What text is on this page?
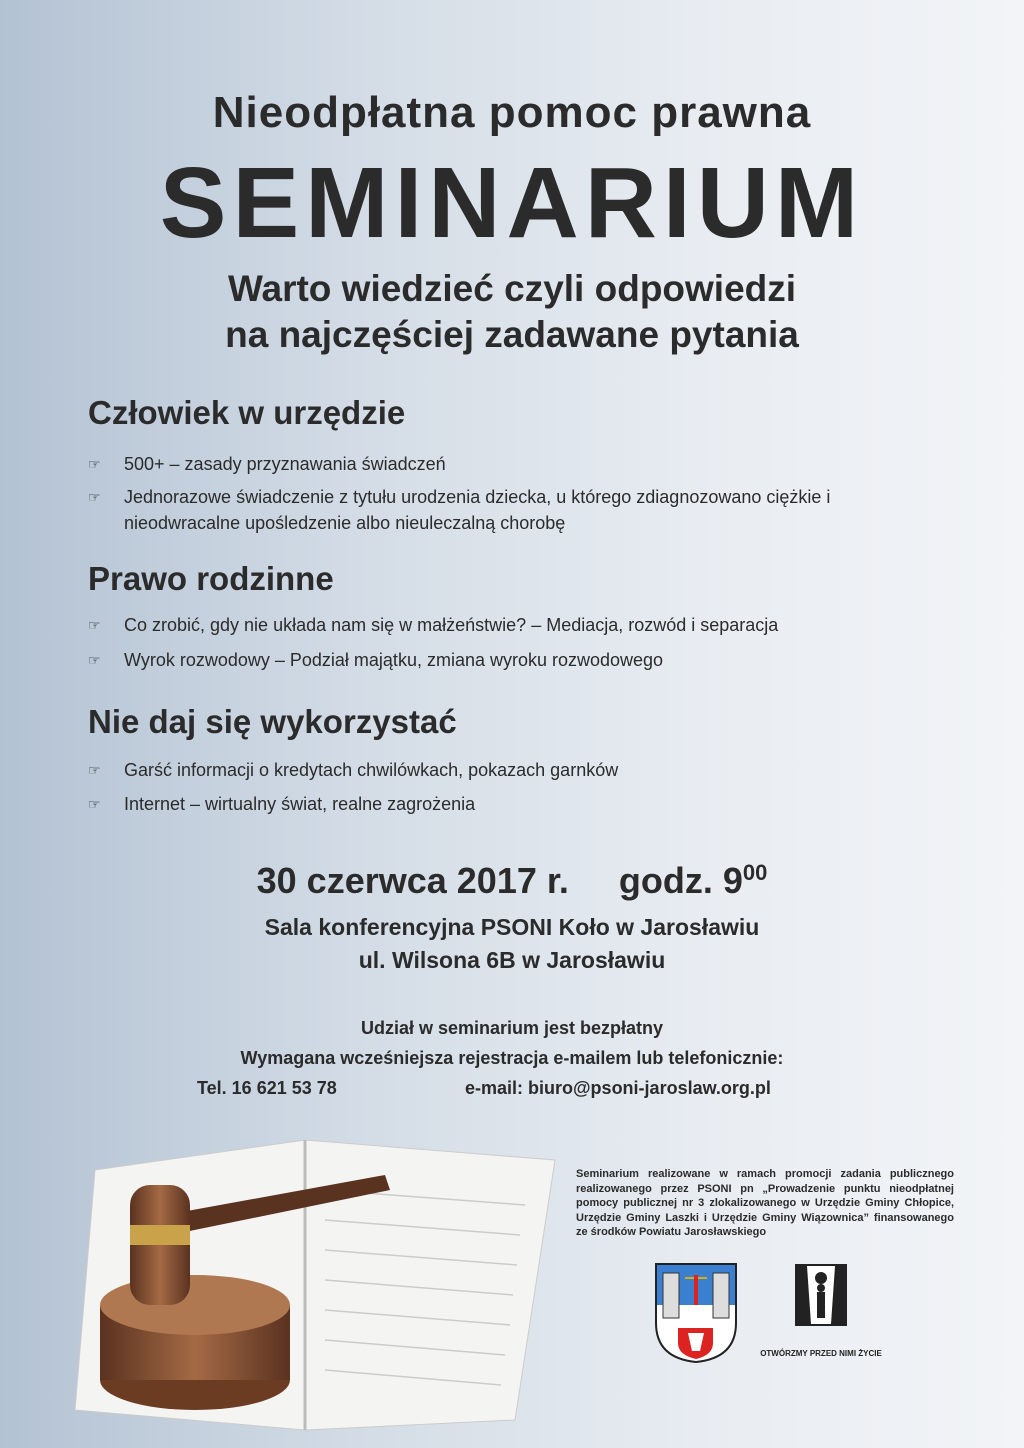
Nieodpłatna pomoc prawna
SEMINARIUM
Warto wiedzieć czyli odpowiedzi
na najczęściej zadawane pytania
Człowiek w urzędzie
☞ 500+ – zasady przyznawania świadczeń
☞ Jednorazowe świadczenie z tytułu urodzenia dziecka, u którego zdiagnozowano ciężkie i nieodwracalne upośledzenie albo nieuleczalną chorobę
Prawo rodzinne
☞ Co zrobić, gdy nie układa nam się w małżeństwie? – Mediacja, rozwód i separacja
☞ Wyrok rozwodowy – Podział majątku, zmiana wyroku rozwodowego
Nie daj się wykorzystać
☞ Garść informacji o kredytach chwilówkach, pokazach garnków
☞ Internet – wirtualny świat, realne zagrożenia
30 czerwca 2017 r. godz. $9^{00}$
Sala konferencyjna PSONI Koło w Jarosławiu
ul. Wilsona 6B w Jarosławiu
Udział w seminarium jest bezpłatny
Wymagana wcześniejsza rejestracja e-mailem lub telefonicznie:
Tel. 16 621 53 78	e-mail: biuro@psoni-jaroslaw.org.pl
Seminarium realizowane w ramach promocji zadania publicznego realizowanego przez PSONI pn „Prowadzenie punktu nieodpłatnej pomocy publicznej nr 3 zlokalizowanego w Urzędzie Gminy Chłopice, Urzędzie Gminy Laszki i Urzędzie Gminy Wiązownica” finansowanego ze środków Powiatu Jarosławskiego
OTWÓRZMY PRZED NIMI ŻYCIE
